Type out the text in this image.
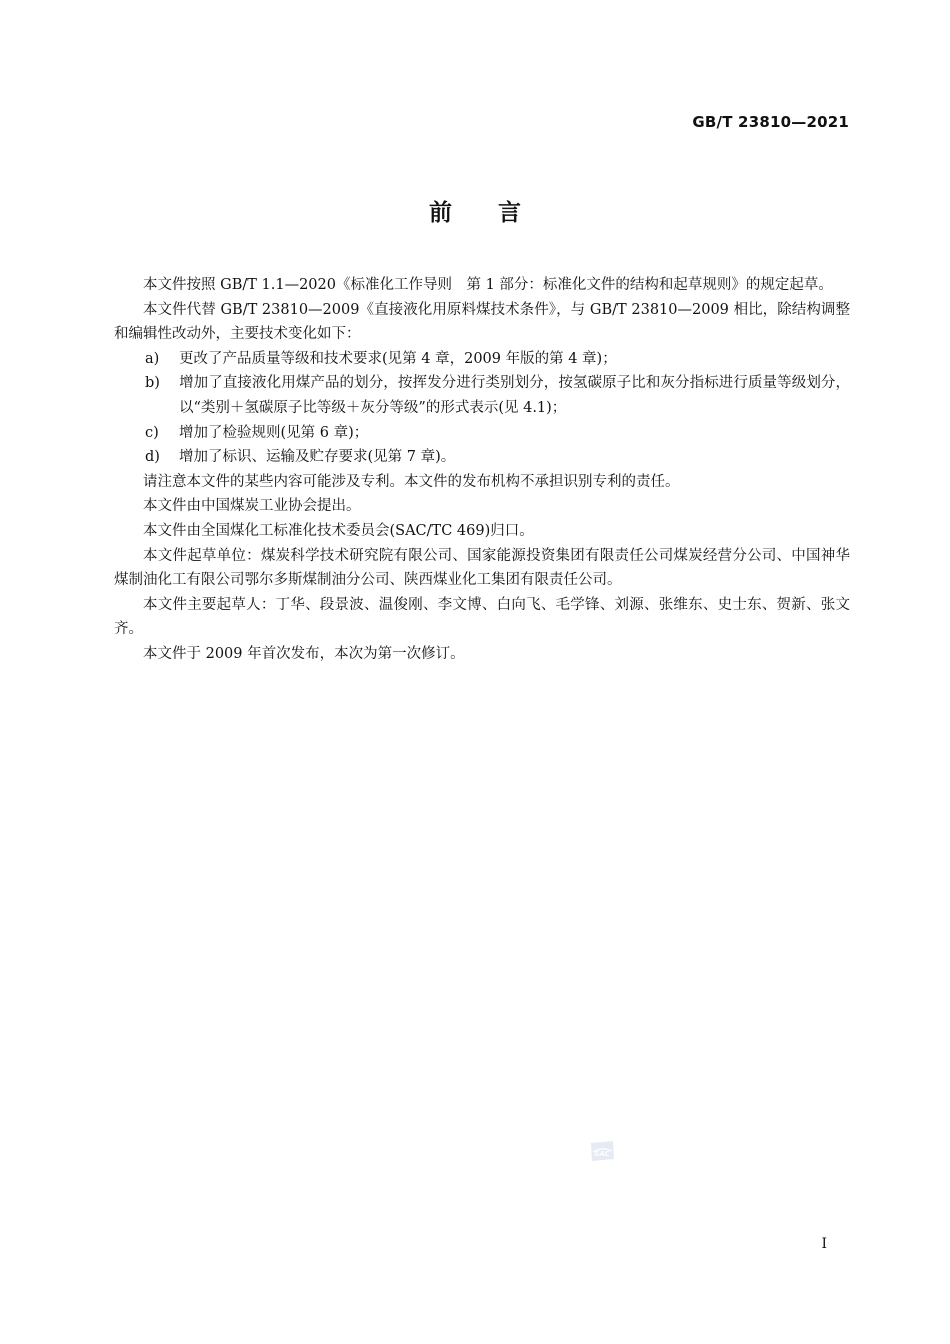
GB/T 23810—2021
前言

本文件按照 GB/T 1.1—2020《标准化工作导则　第 1 部分：标准化文件的结构和起草规则》的规定起草。

本文件代替 GB/T 23810—2009《直接液化用原料煤技术条件》，与 GB/T 23810—2009 相比，除结构调整和编辑性改动外，主要技术变化如下：

a) 更改了产品质量等级和技术要求(见第 4 章，2009 年版的第 4 章)；

b) 增加了直接液化用煤产品的划分，按挥发分进行类别划分，按氢碳原子比和灰分指标进行质量等级划分，以“类别＋氢碳原子比等级＋灰分等级”的形式表示(见 4.1)；

c) 增加了检验规则(见第 6 章)；

d) 增加了标识、运输及贮存要求(见第 7 章)。

请注意本文件的某些内容可能涉及专利。本文件的发布机构不承担识别专利的责任。

本文件由中国煤炭工业协会提出。

本文件由全国煤化工标准化技术委员会(SAC/TC 469)归口。

本文件起草单位：煤炭科学技术研究院有限公司、国家能源投资集团有限责任公司煤炭经营分公司、中国神华煤制油化工有限公司鄂尔多斯煤制油分公司、陕西煤业化工集团有限责任公司。

本文件主要起草人：丁华、段景波、温俊刚、李文博、白向飞、毛学锋、刘源、张维东、史士东、贺新、张文齐。

本文件于 2009 年首次发布，本次为第一次修订。

SAC
I
